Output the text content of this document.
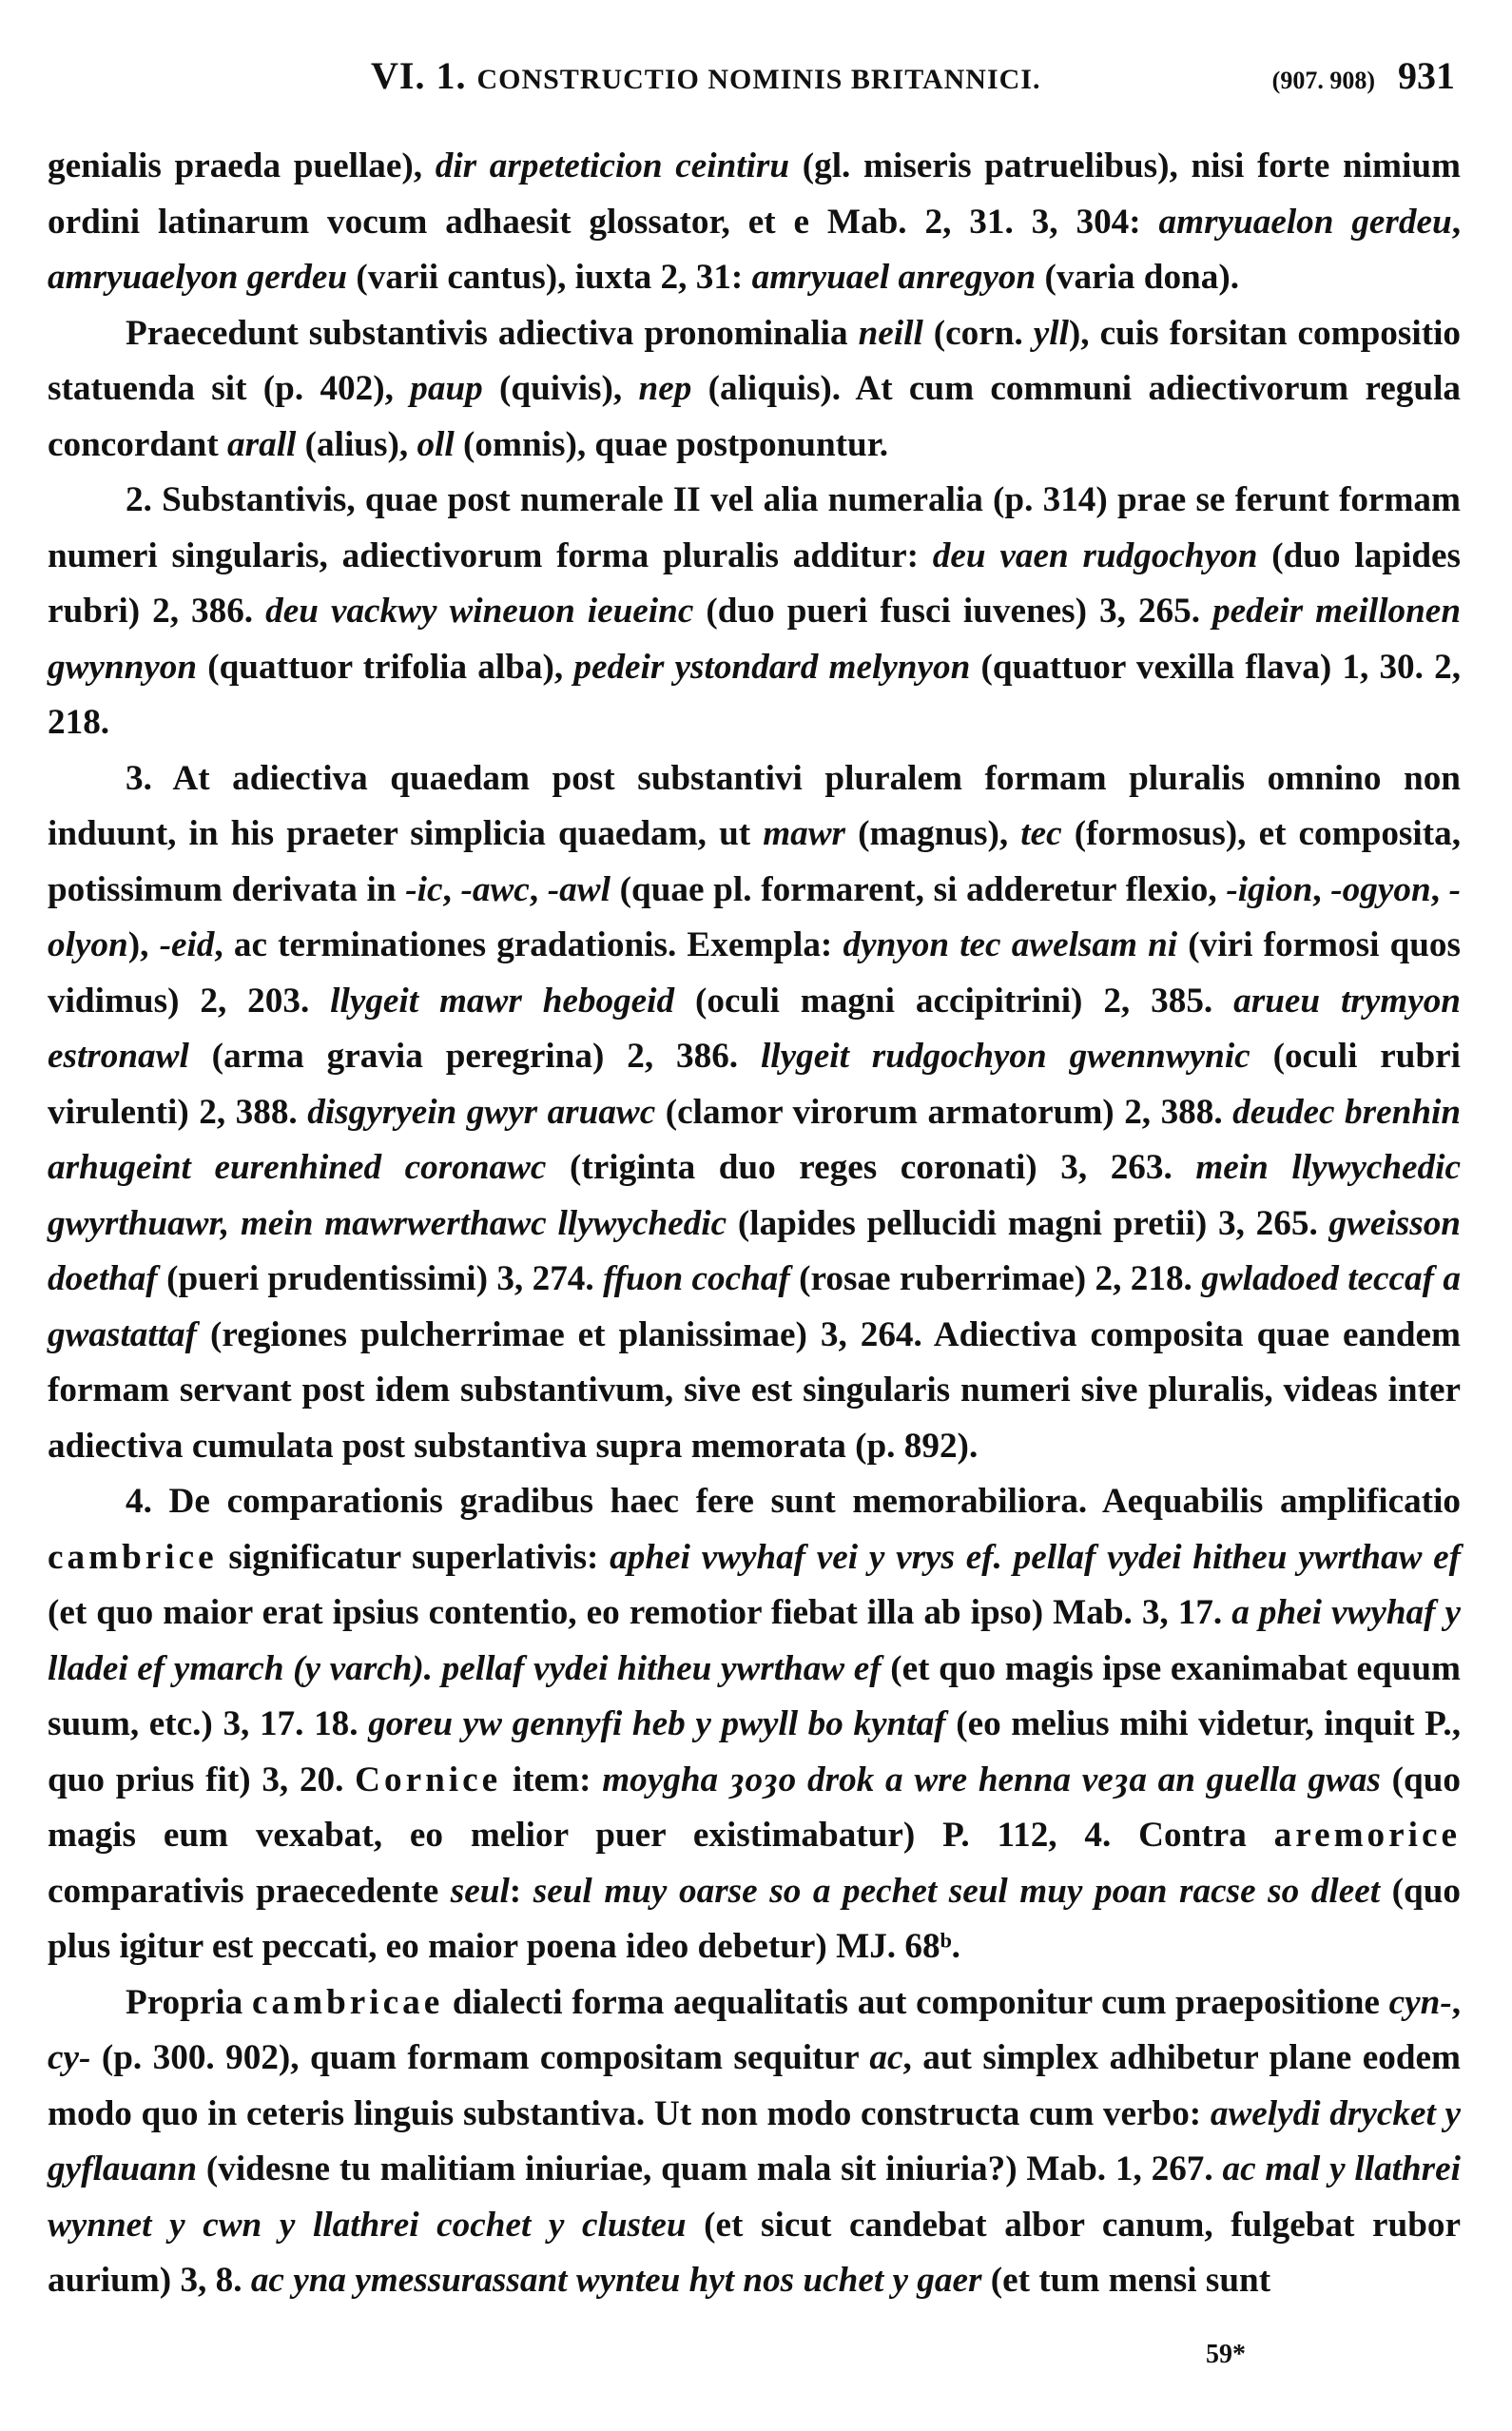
VI. 1. CONSTRUCTIO NOMINIS BRITANNICI.	(907. 908) 931

genialis praeda puellae), dir arpeteticion ceintiru (gl. miseris patruelibus), nisi forte nimium ordini latinarum vocum adhaesit glossator, et e Mab. 2, 31. 3, 304: amryuaelon gerdeu, amryuaelyon gerdeu (varii cantus), iuxta 2, 31: amryuael anregyon (varia dona).

Praecedunt substantivis adiectiva pronominalia neill (corn. yll), cuis forsitan compositio statuenda sit (p. 402), paup (quivis), nep (aliquis). At cum communi adiectivorum regula concordant arall (alius), oll (omnis), quae postponuntur.

2. Substantivis, quae post numerale II vel alia numeralia (p. 314) prae se ferunt formam numeri singularis, adiectivorum forma pluralis additur: deu vaen rudgochyon (duo lapides rubri) 2, 386. deu vackwy wineuon ieueinc (duo pueri fusci iuvenes) 3, 265. pedeir meillonen gwynnyon (quattuor trifolia alba), pedeir ystondard melynyon (quattuor vexilla flava) 1, 30. 2, 218.

3. At adiectiva quaedam post substantivi pluralem formam pluralis omnino non induunt, in his praeter simplicia quaedam, ut mawr (magnus), tec (formosus), et composita, potissimum derivata in -ic, -awc, -awl (quae pl. formarent, si adderetur flexio, -igion, -ogyon, -olyon), -eid, ac terminationes gradationis. Exempla: dynyon tec awelsam ni (viri formosi quos vidimus) 2, 203. llygeit mawr hebogeid (oculi magni accipitrini) 2, 385. arueu trymyon estronawl (arma gravia peregrina) 2, 386. llygeit rudgochyon gwennwynic (oculi rubri virulenti) 2, 388. disgyryein gwyr aruawc (clamor virorum armatorum) 2, 388. deudec brenhin arhugeint eurenhined coronawc (triginta duo reges coronati) 3, 263. mein llywychedic gwyrthuawr, mein mawrwerthawc llywychedic (lapides pellucidi magni pretii) 3, 265. gweisson doethaf (pueri prudentissimi) 3, 274. ffuon cochaf (rosae ruberrimae) 2, 218. gwladoed teccaf a gwastattaf (regiones pulcherrimae et planissimae) 3, 264. Adiectiva composita quae eandem formam servant post idem substantivum, sive est singularis numeri sive pluralis, videas inter adiectiva cumulata post substantiva supra memorata (p. 892).

4. De comparationis gradibus haec fere sunt memorabiliora. Aequabilis amplificatio cambrice significatur superlativis: aphei vwyhaf vei y vrys ef. pellaf vydei hitheu ywrthaw ef (et quo maior erat ipsius contentio, eo remotior fiebat illa ab ipso) Mab. 3, 17. a phei vwyhaf y lladei ef ymarch (y varch). pellaf vydei hitheu ywrthaw ef (et quo magis ipse exanimabat equum suum, etc.) 3, 17. 18. goreu yw gennyfi heb y pwyll bo kyntaf (eo melius mihi videtur, inquit P., quo prius fit) 3, 20. Cornice item: moygha ȝoȝo drok a wre henna veȝa an guella gwas (quo magis eum vexabat, eo melior puer existimabatur) P. 112, 4. Contra aremorice comparativis praecedente seul: seul muy oarse so a pechet seul muy poan racse so dleet (quo plus igitur est peccati, eo maior poena ideo debetur) MJ. 68ᵇ.

Propria cambricae dialecti forma aequalitatis aut componitur cum praepositione cyn-, cy- (p. 300. 902), quam formam compositam sequitur ac, aut simplex adhibetur plane eodem modo quo in ceteris linguis substantiva. Ut non modo constructa cum verbo: awelydi drycket y gyflauann (videsne tu malitiam iniuriae, quam mala sit iniuria?) Mab. 1, 267. ac mal y llathrei wynnet y cwn y llathrei cochet y clusteu (et sicut candebat albor canum, fulgebat rubor aurium) 3, 8. ac yna ymessurassant wynteu hyt nos uchet y gaer (et tum mensi sunt

59*
